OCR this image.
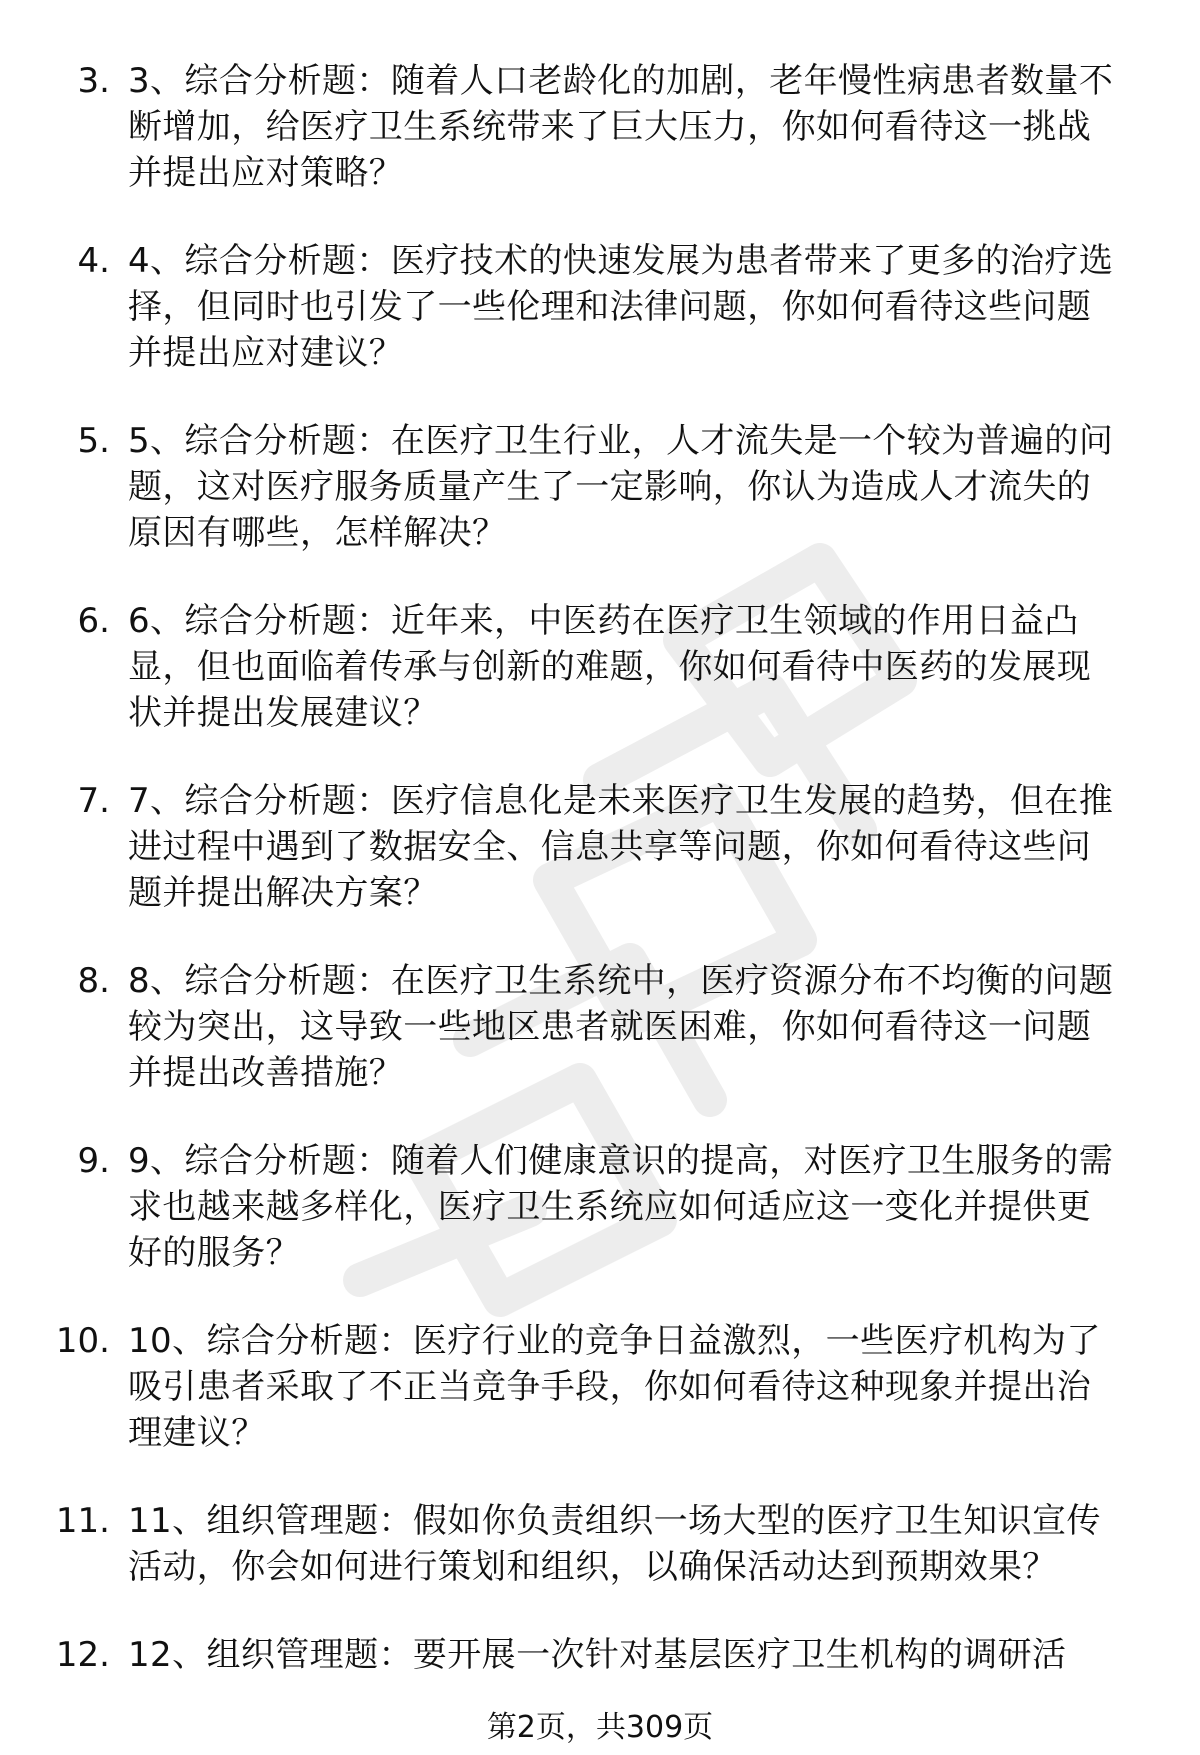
3. 3、综合分析题：随着人口老龄化的加剧，老年慢性病患者数量不
断增加，给医疗卫生系统带来了巨大压力，你如何看待这一挑战
并提出应对策略？
4. 4、综合分析题：医疗技术的快速发展为患者带来了更多的治疗选
择，但同时也引发了一些伦理和法律问题，你如何看待这些问题
并提出应对建议？
5. 5、综合分析题：在医疗卫生行业，人才流失是一个较为普遍的问
题，这对医疗服务质量产生了一定影响，你认为造成人才流失的
原因有哪些，怎样解决？
6. 6、综合分析题：近年来，中医药在医疗卫生领域的作用日益凸
显，但也面临着传承与创新的难题，你如何看待中医药的发展现
状并提出发展建议？
7. 7、综合分析题：医疗信息化是未来医疗卫生发展的趋势，但在推
进过程中遇到了数据安全、信息共享等问题，你如何看待这些问
题并提出解决方案？
8. 8、综合分析题：在医疗卫生系统中，医疗资源分布不均衡的问题
较为突出，这导致一些地区患者就医困难，你如何看待这一问题
并提出改善措施？
9. 9、综合分析题：随着人们健康意识的提高，对医疗卫生服务的需
求也越来越多样化，医疗卫生系统应如何适应这一变化并提供更
好的服务？
10. 10、综合分析题：医疗行业的竞争日益激烈，一些医疗机构为了
吸引患者采取了不正当竞争手段，你如何看待这种现象并提出治
理建议？
11. 11、组织管理题：假如你负责组织一场大型的医疗卫生知识宣传
活动，你会如何进行策划和组织，以确保活动达到预期效果？
12. 12、组织管理题：要开展一次针对基层医疗卫生机构的调研活
第2页，共309页
